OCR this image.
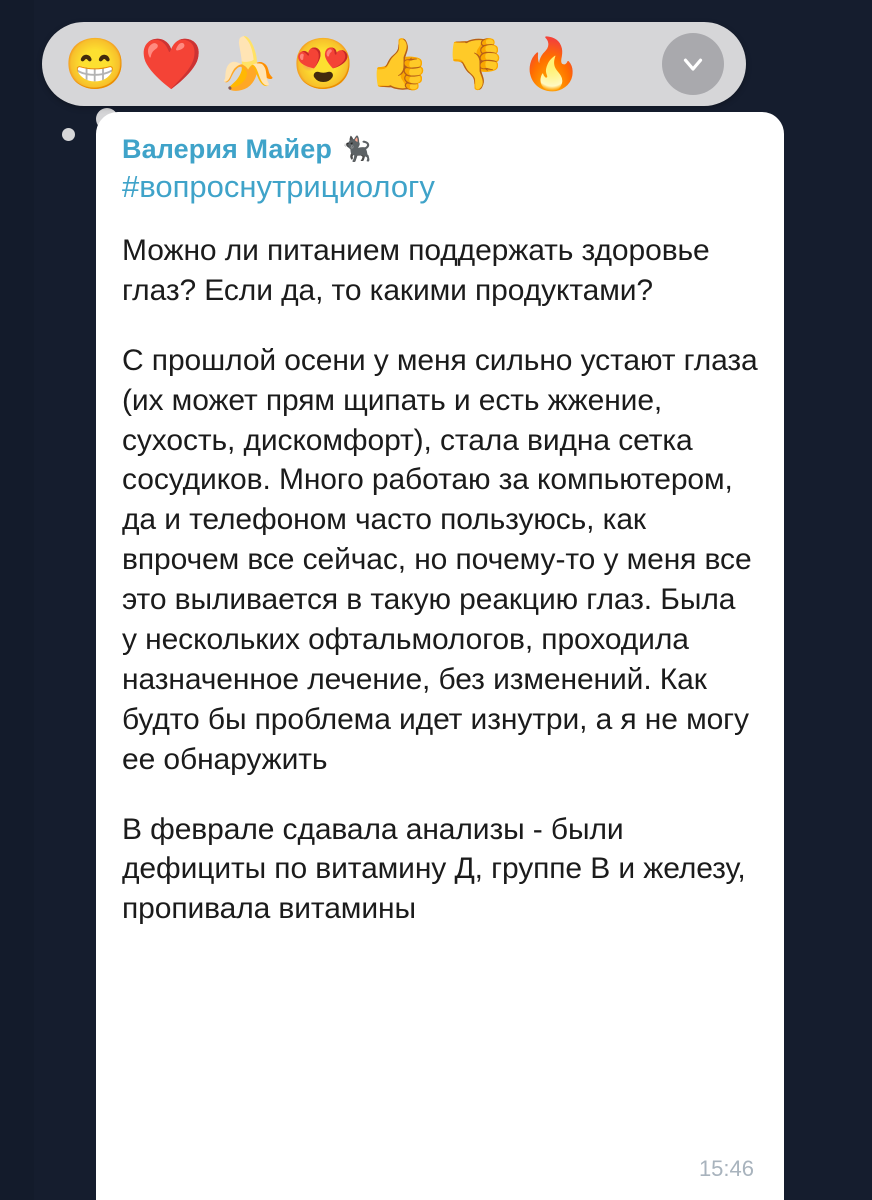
😁 ❤️ 🍌 😍 👍 👎 🔥
Валерия Майер 🐈‍⬛
#вопроснутрициологу

Можно ли питанием поддержать здоровье глаз? Если да, то какими продуктами?

С прошлой осени у меня сильно устают глаза (их может прям щипать и есть жжение, сухость, дискомфорт), стала видна сетка сосудиков. Много работаю за компьютером, да и телефоном часто пользуюсь, как впрочем все сейчас, но почему-то у меня все это выливается в такую реакцию глаз. Была у нескольких офтальмологов, проходила назначенное лечение, без изменений. Как будто бы проблема идет изнутри, а я не могу ее обнаружить

В феврале сдавала анализы - были дефициты по витамину Д, группе В и железу, пропивала витамины

15:46
